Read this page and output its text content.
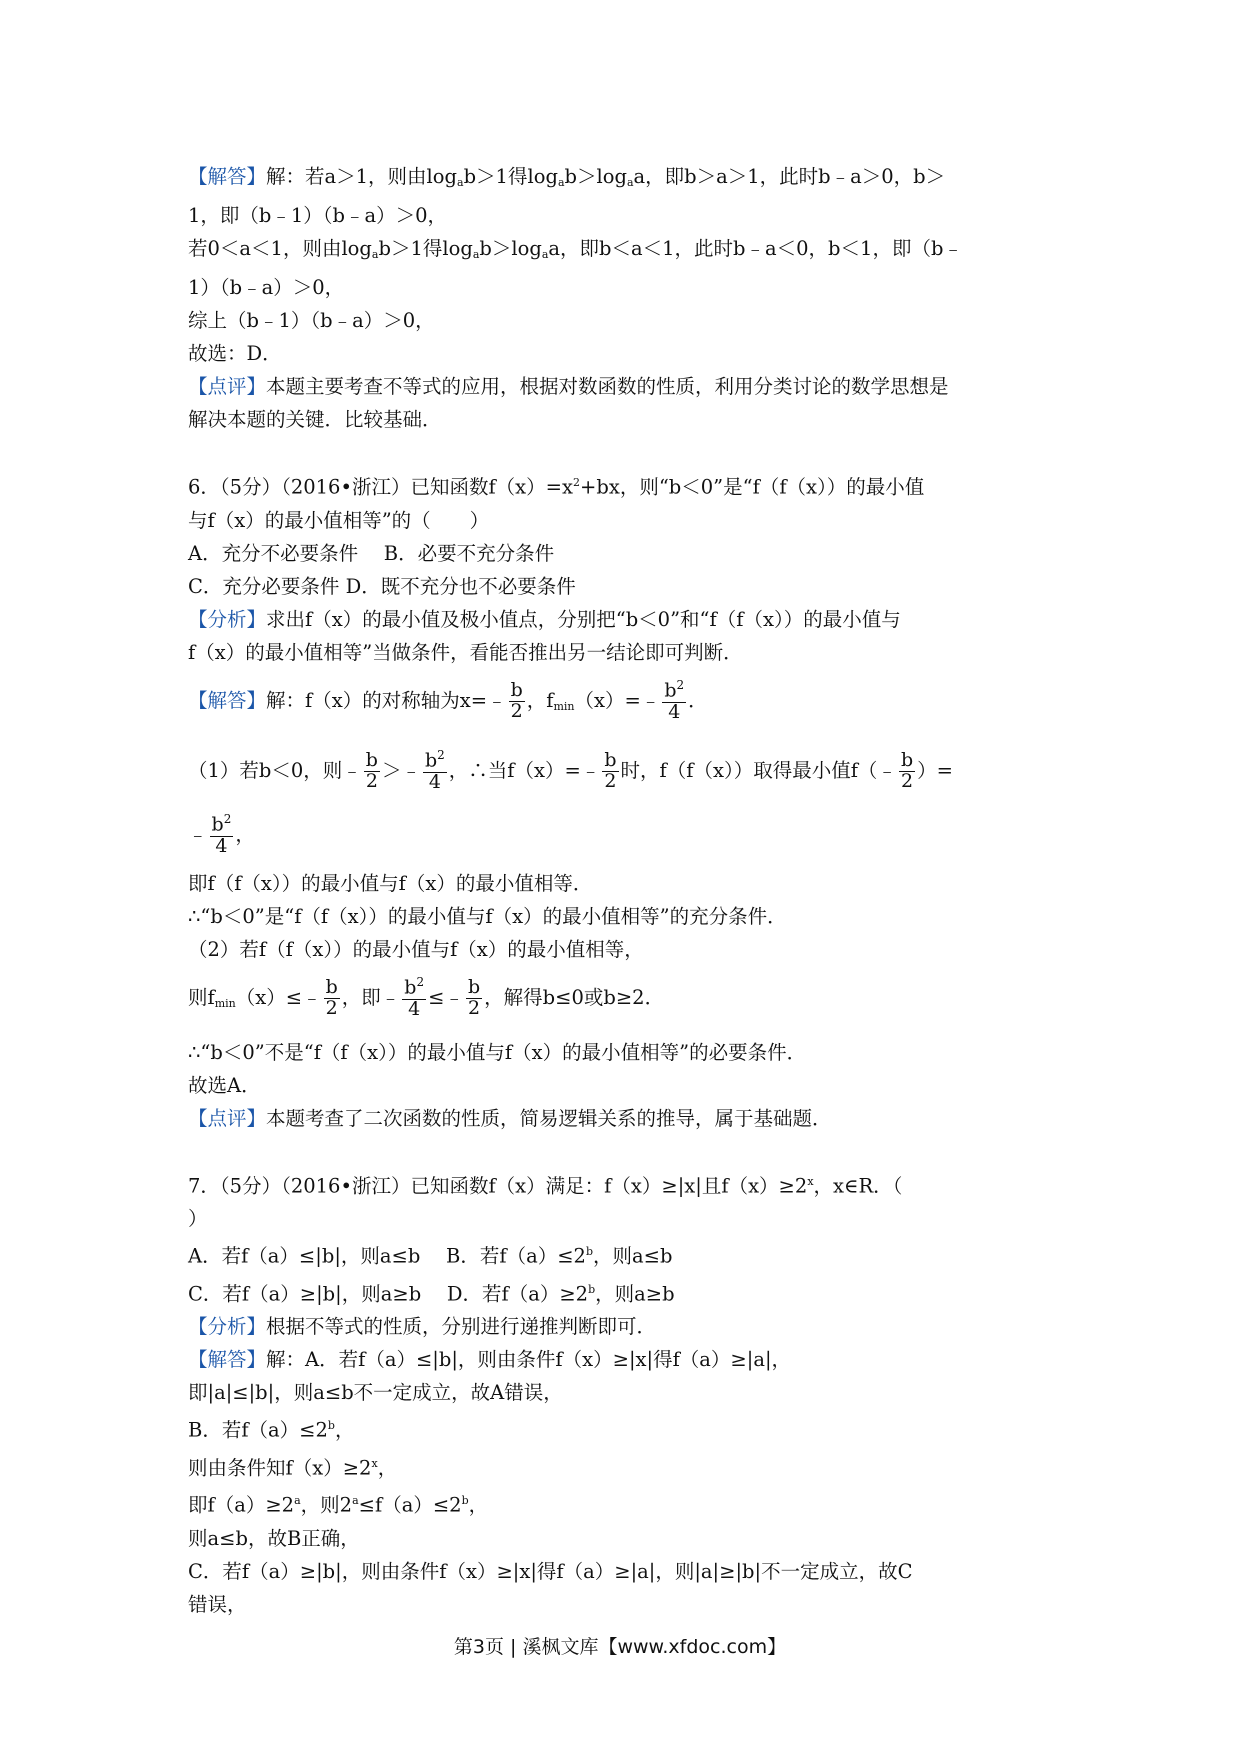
【解答】解：若a＞1，则由$\log_ab>1$得$\log_ab>\log_aa$，即b＞a＞1，此时b﹣a＞0，b＞
1，即（b﹣1）（b﹣a）＞0，
若0＜a＜1，则由$\log_ab>1$得$\log_ab>\log_aa$，即b＜a＜1，此时b﹣a＜0，b＜1，即（b﹣
1）（b﹣a）＞0，
综上（b﹣1）（b﹣a）＞0，
故选：D．
【点评】本题主要考查不等式的应用，根据对数函数的性质，利用分类讨论的数学思想是
解决本题的关键．比较基础．
6．（5分）（2016•浙江）已知函数$f(x)=x^2+bx$，则“b＜0”是“f（f（x））的最小值
与f（x）的最小值相等”的（　　）
A．充分不必要条件　 B．必要不充分条件
C．充分必要条件 D．既不充分也不必要条件
【分析】求出f（x）的最小值及极小值点，分别把“b＜0”和“f（f（x））的最小值与
f（x）的最小值相等”当做条件，看能否推出另一结论即可判断．
【解答】解：f（x）的对称轴为x=﹣ $\frac{b}{2}$ ，$f_{min}(x)=﹣ \frac{b^2}{4}$ ．
（1）若b＜0，则﹣ $\frac{b}{2}$ ＞﹣ $\frac{b^2}{4}$ ，∴当f（x）=﹣ $\frac{b}{2}$ 时，f（f（x））取得最小值f（﹣ $\frac{b}{2}$ ）=
﹣ $\frac{b^2}{4}$ ，
即f（f（x））的最小值与f（x）的最小值相等．
∴“b＜0”是“f（f（x））的最小值与f（x）的最小值相等”的充分条件．
（2）若f（f（x））的最小值与f（x）的最小值相等，
则$f_{min}(x)\le﹣ \frac{b}{2}$ ，即﹣ $\frac{b^2}{4}$ ≤﹣ $\frac{b}{2}$ ，解得b≤0或b≥2．
∴“b＜0”不是“f（f（x））的最小值与f（x）的最小值相等”的必要条件．
故选A．
【点评】本题考查了二次函数的性质，简易逻辑关系的推导，属于基础题．
7．（5分）（2016•浙江）已知函数f（x）满足：f（x）≥|x|且$f(x)\ge 2^x$，x∈R．（
）
A．若f（a）≤|b|，则a≤b　 B．若$f(a)\le 2^b$，则a≤b
C．若f（a）≥|b|，则a≥b　 D．若$f(a)\ge 2^b$，则a≥b
【分析】根据不等式的性质，分别进行递推判断即可．
【解答】解：A．若f（a）≤|b|，则由条件f（x）≥|x|得f（a）≥|a|，
即|a|≤|b|，则a≤b不一定成立，故A错误，
B．若$f(a)\le 2^b$，
则由条件知$f(x)\ge 2^x$，
即$f(a)\ge 2^a$，则$2^a\le f(a)\le 2^b$，
则a≤b，故B正确，
C．若f（a）≥|b|，则由条件f（x）≥|x|得f（a）≥|a|，则|a|≥|b|不一定成立，故C
错误，
第3页 | 溪枫文库【www.xfdoc.com】
